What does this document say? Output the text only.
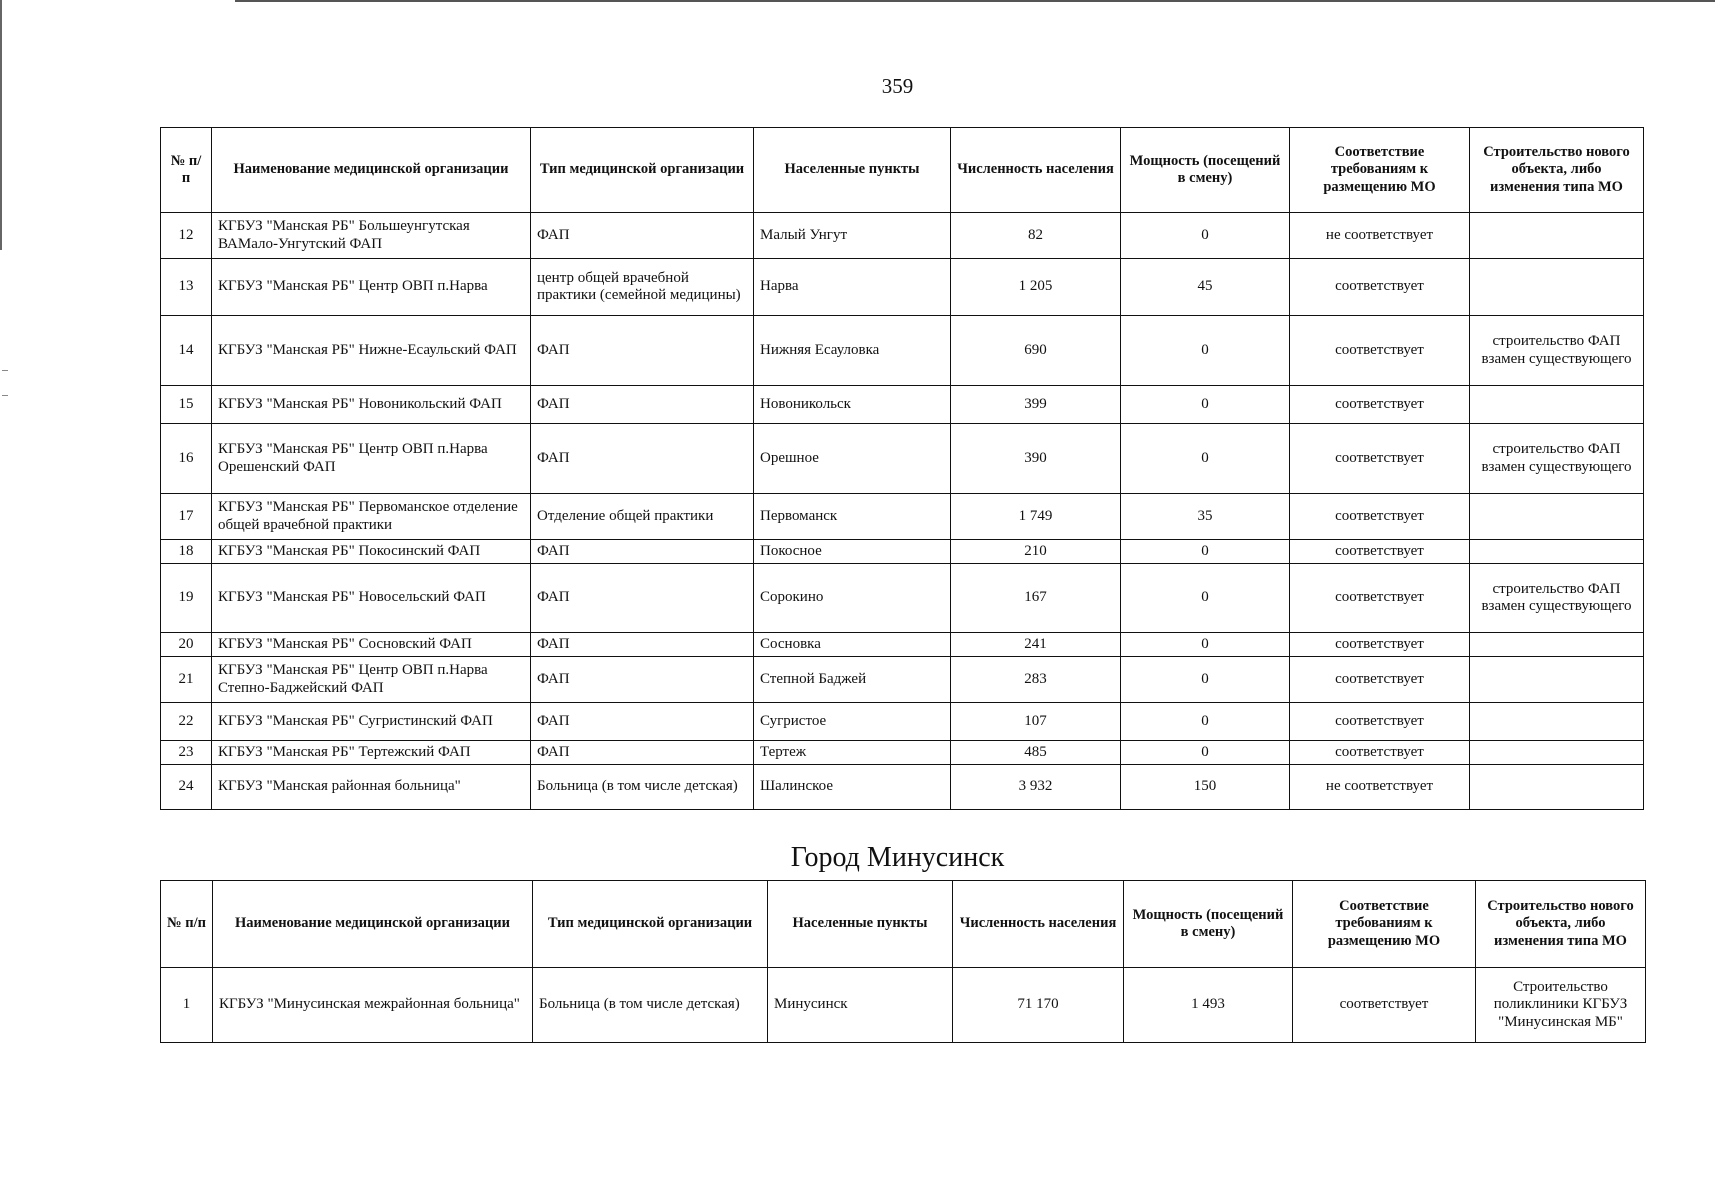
359
№ п/п	Наименование медицинской организации	Тип медицинской организации	Населенные пункты	Численность населения	Мощность (посещений в смену)	Соответствие требованиям к размещению МО	Строительство нового объекта, либо изменения типа МО
12	КГБУЗ "Манская РБ" Большеунгутская ВАМало-Унгутский ФАП	ФАП	Малый Унгут	82	0	не соответствует	
13	КГБУЗ "Манская РБ" Центр ОВП п.Нарва	центр общей врачебной практики (семейной медицины)	Нарва	1 205	45	соответствует	
14	КГБУЗ "Манская РБ" Нижне-Есаульский ФАП	ФАП	Нижняя Есауловка	690	0	соответствует	строительство ФАП взамен существующего
15	КГБУЗ "Манская РБ" Новоникольский ФАП	ФАП	Новоникольск	399	0	соответствует	
16	КГБУЗ "Манская РБ" Центр ОВП п.Нарва Орешенский ФАП	ФАП	Орешное	390	0	соответствует	строительство ФАП взамен существующего
17	КГБУЗ "Манская РБ" Первоманское отделение общей врачебной практики	Отделение общей практики	Первоманск	1 749	35	соответствует	
18	КГБУЗ "Манская РБ" Покосинский ФАП	ФАП	Покосное	210	0	соответствует	
19	КГБУЗ "Манская РБ" Новосельский ФАП	ФАП	Сорокино	167	0	соответствует	строительство ФАП взамен существующего
20	КГБУЗ "Манская РБ" Сосновский ФАП	ФАП	Сосновка	241	0	соответствует	
21	КГБУЗ "Манская РБ" Центр ОВП п.Нарва Степно-Баджейский ФАП	ФАП	Степной Баджей	283	0	соответствует	
22	КГБУЗ "Манская РБ" Сугристинский ФАП	ФАП	Сугристое	107	0	соответствует	
23	КГБУЗ "Манская РБ" Тертежский ФАП	ФАП	Тертеж	485	0	соответствует	
24	КГБУЗ "Манская районная больница"	Больница (в том числе детская)	Шалинское	3 932	150	не соответствует	
Город Минусинск
№ п/п	Наименование медицинской организации	Тип медицинской организации	Населенные пункты	Численность населения	Мощность (посещений в смену)	Соответствие требованиям к размещению МО	Строительство нового объекта, либо изменения типа МО
1	КГБУЗ "Минусинская межрайонная больница"	Больница (в том числе детская)	Минусинск	71 170	1 493	соответствует	Строительство поликлиники КГБУЗ "Минусинская МБ"
